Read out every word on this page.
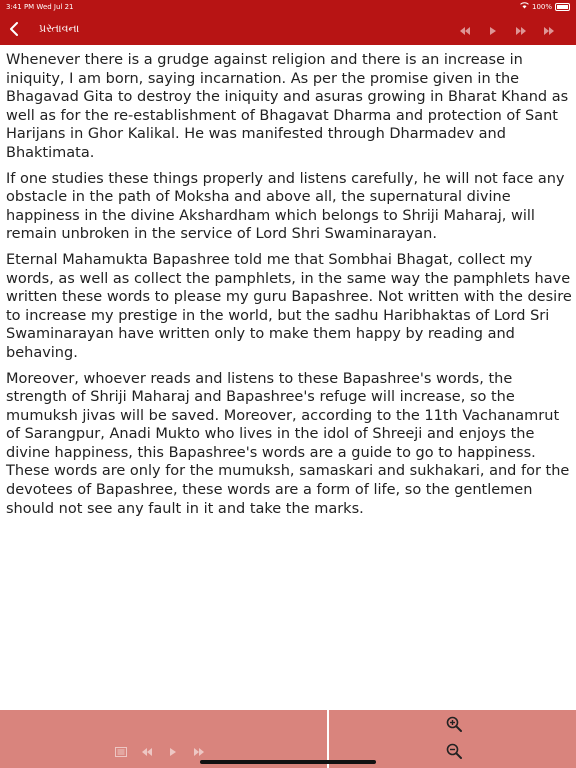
3:41 PM Wed Jul 21	100%
પ્રસ્તાવના

Whenever there is a grudge against religion and there is an increase in iniquity, I am born, saying incarnation. As per the promise given in the Bhagavad Gita to destroy the iniquity and asuras growing in Bharat Khand as well as for the re-establishment of Bhagavat Dharma and protection of Sant Harijans in Ghor Kalikal. He was manifested through Dharmadev and Bhaktimata.

If one studies these things properly and listens carefully, he will not face any obstacle in the path of Moksha and above all, the supernatural divine happiness in the divine Akshardham which belongs to Shriji Maharaj, will remain unbroken in the service of Lord Shri Swaminarayan.

Eternal Mahamukta Bapashree told me that Sombhai Bhagat, collect my words, as well as collect the pamphlets, in the same way the pamphlets have written these words to please my guru Bapashree. Not written with the desire to increase my prestige in the world, but the sadhu Haribhaktas of Lord Sri Swaminarayan have written only to make them happy by reading and behaving.

Moreover, whoever reads and listens to these Bapashree's words, the strength of Shriji Maharaj and Bapashree's refuge will increase, so the mumuksh jivas will be saved. Moreover, according to the 11th Vachanamrut of Sarangpur, Anadi Mukto who lives in the idol of Shreeji and enjoys the divine happiness, this Bapashree's words are a guide to go to happiness. These words are only for the mumuksh, samaskari and sukhakari, and for the devotees of Bapashree, these words are a form of life, so the gentlemen should not see any fault in it and take the marks.
